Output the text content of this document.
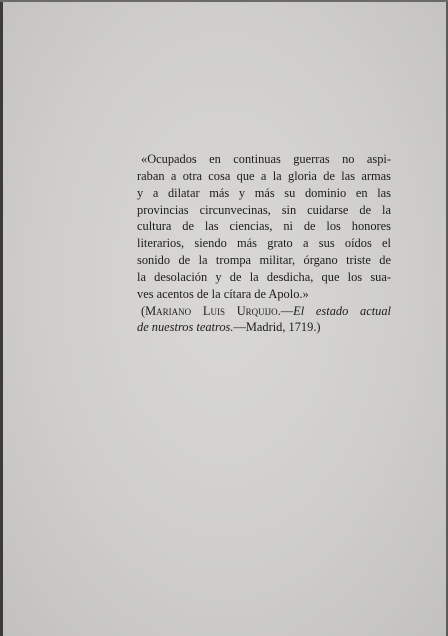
«Ocupados en continuas guerras no aspi-
raban a otra cosa que a la gloria de las armas
y a dilatar más y más su dominio en las
provincias circunvecinas, sin cuidarse de la
cultura de las ciencias, ni de los honores
literarios, siendo más grato a sus oídos el
sonido de la trompa militar, órgano triste de
la desolación y de la desdicha, que los sua-
ves acentos de la cítara de Apolo.»
(Mariano Luis Urquijo.—El estado actual
de nuestros teatros.—Madrid, 1719.)
